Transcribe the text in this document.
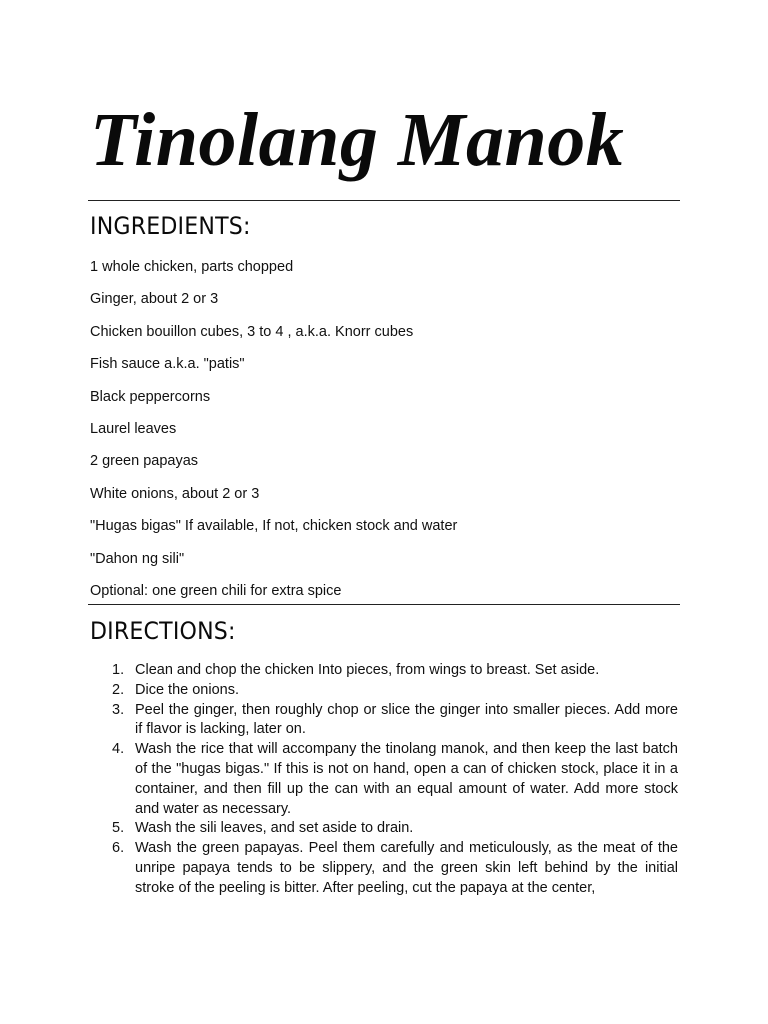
Tinolang Manok
INGREDIENTS:
1 whole chicken, parts chopped
Ginger, about 2 or 3
Chicken bouillon cubes, 3 to 4 , a.k.a. Knorr cubes
Fish sauce a.k.a. "patis"
Black peppercorns
Laurel leaves
2 green papayas
White onions, about 2 or 3
"Hugas bigas" If available, If not, chicken stock and water
"Dahon ng sili"
Optional: one green chili for extra spice
DIRECTIONS:
1. Clean and chop the chicken Into pieces, from wings to breast. Set aside.
2. Dice the onions.
3. Peel the ginger, then roughly chop or slice the ginger into smaller pieces. Add more if flavor is lacking, later on.
4. Wash the rice that will accompany the tinolang manok, and then keep the last batch of the "hugas bigas." If this is not on hand, open a can of chicken stock, place it in a container, and then fill up the can with an equal amount of water. Add more stock and water as necessary.
5. Wash the sili leaves, and set aside to drain.
6. Wash the green papayas. Peel them carefully and meticulously, as the meat of the unripe papaya tends to be slippery, and the green skin left behind by the initial stroke of the peeling is bitter. After peeling, cut the papaya at the center,
